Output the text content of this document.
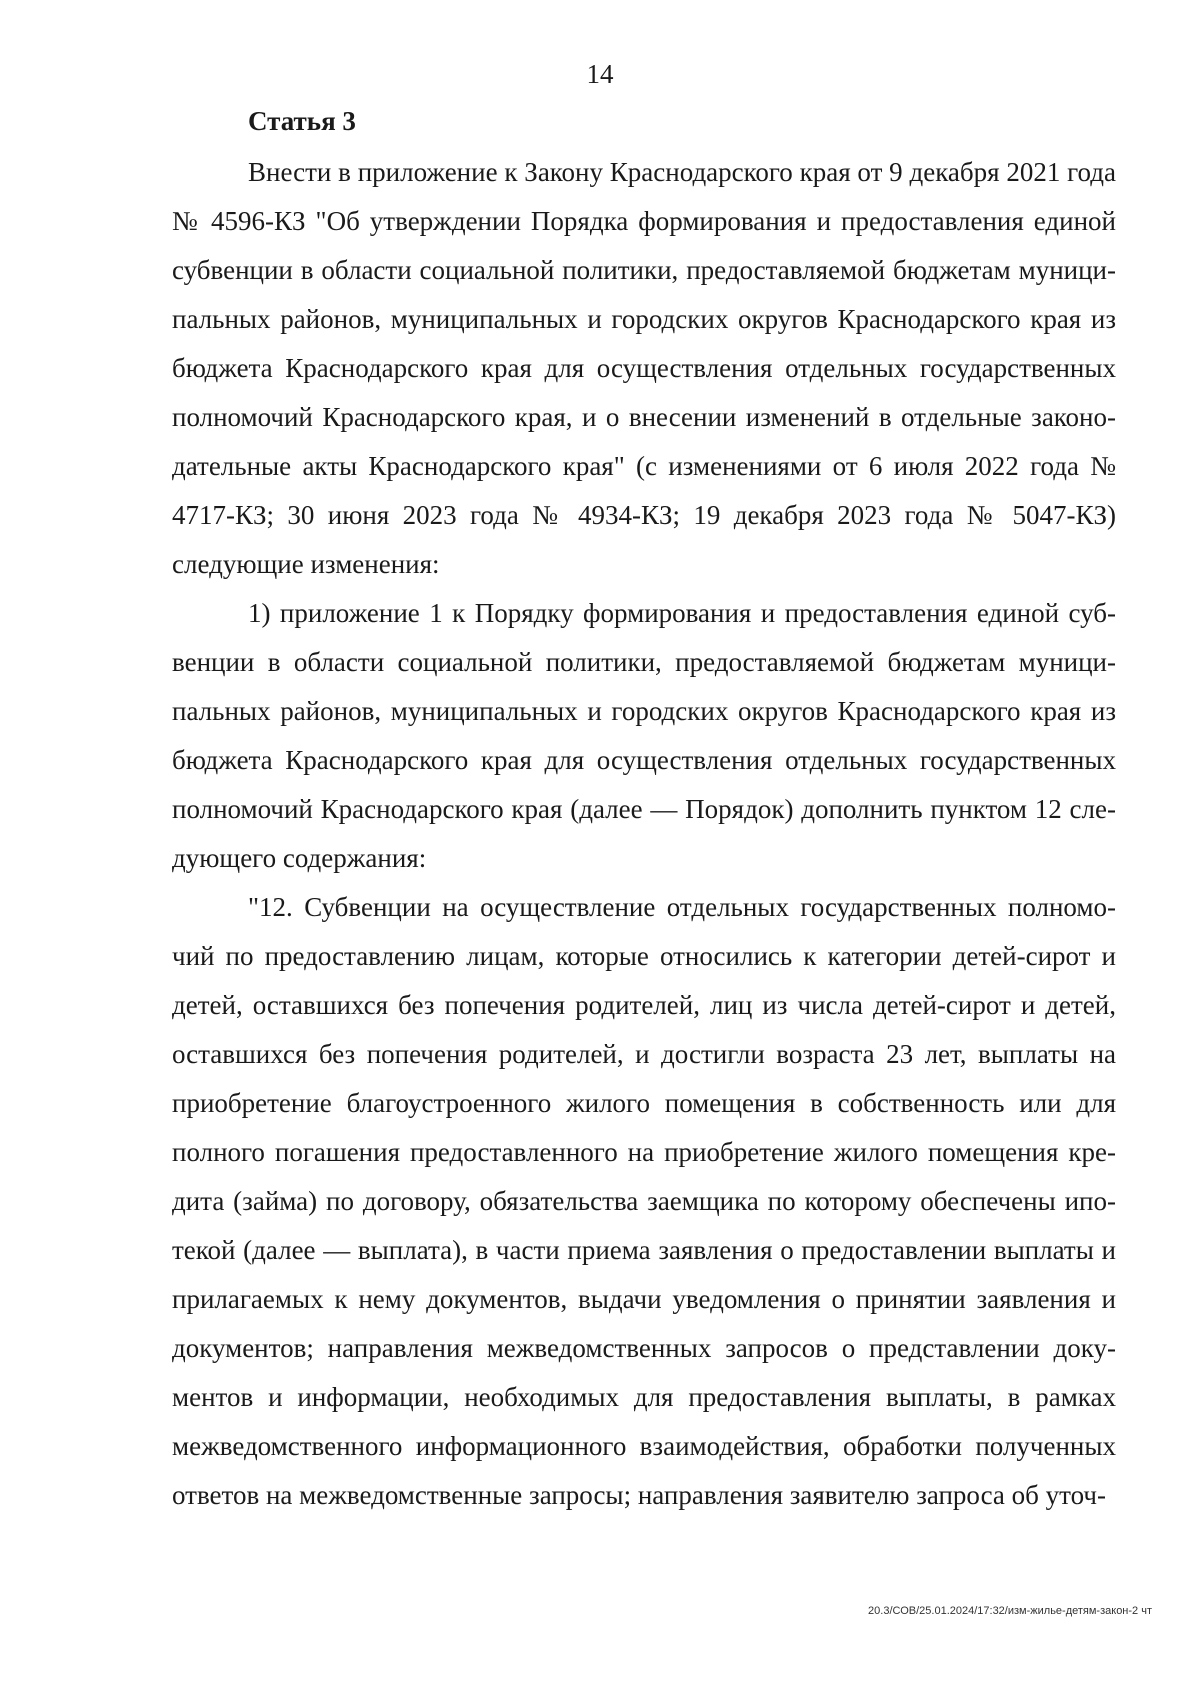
14
Статья 3

Внести в приложение к Закону Краснодарского края от 9 декабря 2021 года № 4596-КЗ "Об утверждении Порядка формирования и предоставления единой субвенции в области социальной политики, предоставляемой бюджетам муниципальных районов, муниципальных и городских округов Краснодарского края из бюджета Краснодарского края для осуществления отдельных государственных полномочий Краснодарского края, и о внесении изменений в отдельные законодательные акты Краснодарского края" (с изменениями от 6 июля 2022 года № 4717-КЗ; 30 июня 2023 года № 4934-КЗ; 19 декабря 2023 года № 5047-КЗ) следующие изменения:

1) приложение 1 к Порядку формирования и предоставления единой субвенции в области социальной политики, предоставляемой бюджетам муниципальных районов, муниципальных и городских округов Краснодарского края из бюджета Краснодарского края для осуществления отдельных государственных полномочий Краснодарского края (далее — Порядок) дополнить пунктом 12 следующего содержания:

"12. Субвенции на осуществление отдельных государственных полномочий по предоставлению лицам, которые относились к категории детей-сирот и детей, оставшихся без попечения родителей, лиц из числа детей-сирот и детей, оставшихся без попечения родителей, и достигли возраста 23 лет, выплаты на приобретение благоустроенного жилого помещения в собственность или для полного погашения предоставленного на приобретение жилого помещения кредита (займа) по договору, обязательства заемщика по которому обеспечены ипотекой (далее — выплата), в части приема заявления о предоставлении выплаты и прилагаемых к нему документов, выдачи уведомления о принятии заявления и документов; направления межведомственных запросов о представлении документов и информации, необходимых для предоставления выплаты, в рамках межведомственного информационного взаимодействия, обработки полученных ответов на межведомственные запросы; направления заявителю запроса об уточ-

20.3/СОВ/25.01.2024/17:32/изм-жилье-детям-закон-2 чт
